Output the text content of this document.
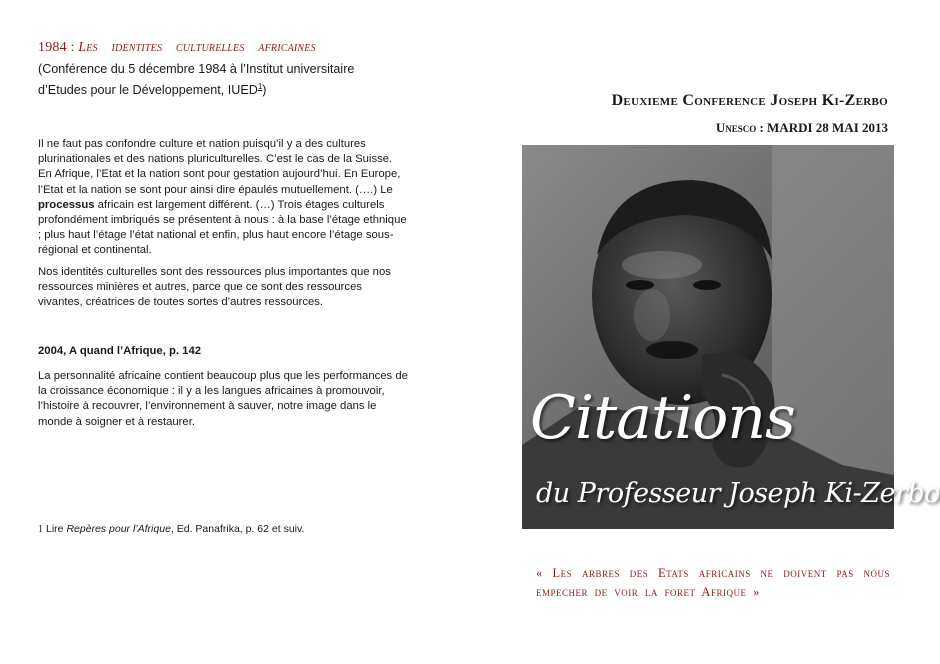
1984 : Les identites culturelles africaines

(Conférence du 5 décembre 1984 à l’Institut universitaire
d’Etudes pour le Développement, IUED$^1$)

Il ne faut pas confondre culture et nation puisqu’il y a des cultures plurinationales et des nations pluriculturelles. C’est le cas de la Suisse. En Afrique, l’Etat et la nation sont pour gestation aujourd’hui. En Europe, l’Etat et la nation se sont pour ainsi dire épaulés mutuellement. (….) Le processus africain est largement différent. (…) Trois étages culturels profondément imbriqués se présentent à nous : à la base l’étage ethnique ; plus haut l’étage l’état national et enfin, plus haut encore l’étage sous-régional et continental.

Nos identités culturelles sont des ressources plus importantes que nos ressources minières et autres, parce que ce sont des ressources vivantes, créatrices de toutes sortes d’autres ressources.

2004, A quand l’Afrique, p. 142

La personnalité africaine contient beaucoup plus que les performances de la croissance économique : il y a les langues africaines à promouvoir, l’histoire à recouvrer, l’environnement à sauver, notre image dans le monde à soigner et à restaurer.

1 Lire Repères pour l’Afrique, Ed. Panafrika, p. 62 et suiv.

Deuxieme Conference Joseph Ki-Zerbo

Unesco : MARDI 28 MAI 2013

Citations

du Professeur Joseph Ki-Zerbo

« Les arbres des Etats africains ne doivent pas nous empecher de voir la foret Afrique »
